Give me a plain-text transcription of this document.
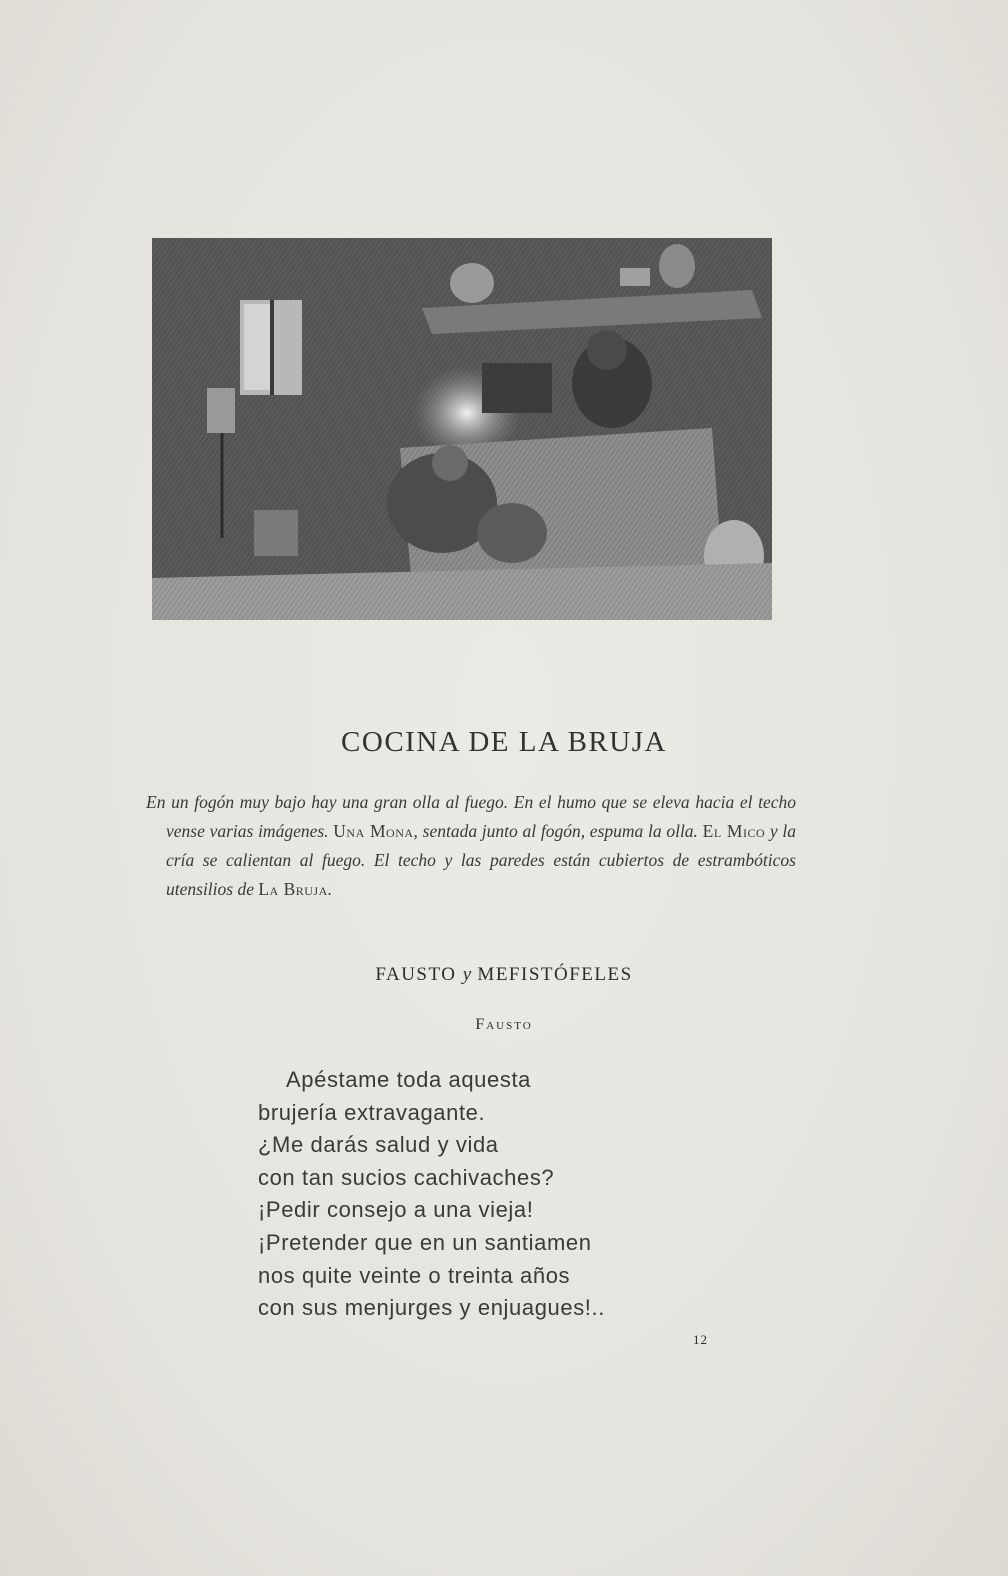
COCINA DE LA BRUJA

En un fogón muy bajo hay una gran olla al fuego. En el humo que se eleva hacia el techo vense varias imágenes. Una Mona, sentada junto al fogón, espuma la olla. El Mico y la cría se calientan al fuego. El techo y las paredes están cubiertos de estrambóticos utensilios de La Bruja.

FAUSTO y MEFISTÓFELES
Fausto
Apéstame toda aquesta
brujería extravagante.
¿Me darás salud y vida
con tan sucios cachivaches?
¡Pedir consejo a una vieja!
¡Pretender que en un santiamen
nos quite veinte o treinta años
con sus menjurges y enjuagues!..
12
